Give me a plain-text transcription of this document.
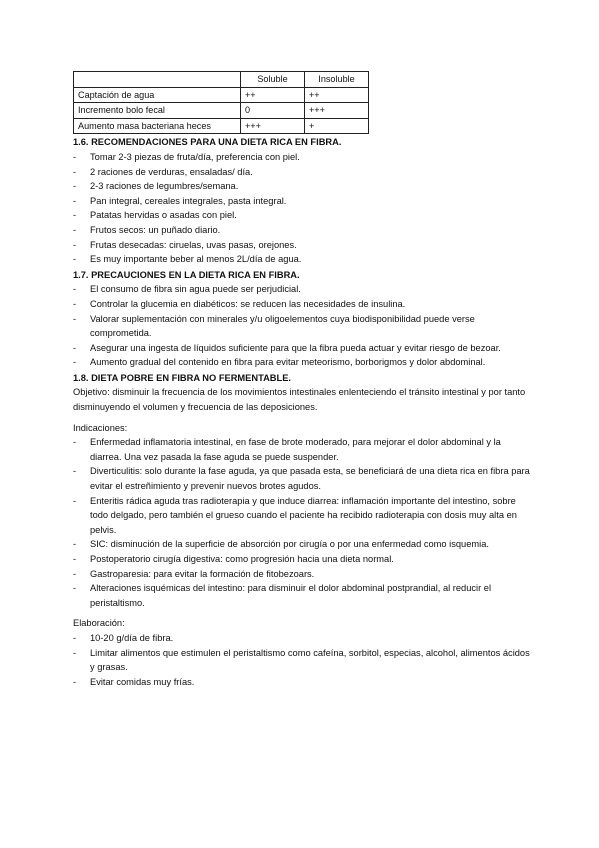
	Soluble	Insoluble
Captación de agua	++	++
Incremento bolo fecal	0	+++
Aumento masa bacteriana heces	+++	+
1.6. RECOMENDACIONES PARA UNA DIETA RICA EN FIBRA.
- Tomar 2-3 piezas de fruta/día, preferencia con piel.
- 2 raciones de verduras, ensaladas/ día.
- 2-3 raciones de legumbres/semana.
- Pan integral, cereales integrales, pasta integral.
- Patatas hervidas o asadas con piel.
- Frutos secos: un puñado diario.
- Frutas desecadas: ciruelas, uvas pasas, orejones.
- Es muy importante beber al menos 2L/día de agua.
1.7. PRECAUCIONES EN LA DIETA RICA EN FIBRA.
- El consumo de fibra sin agua puede ser perjudicial.
- Controlar la glucemia en diabéticos: se reducen las necesidades de insulina.
- Valorar suplementación con minerales y/u oligoelementos cuya biodisponibilidad puede verse comprometida.
- Asegurar una ingesta de líquidos suficiente para que la fibra pueda actuar y evitar riesgo de bezoar.
- Aumento gradual del contenido en fibra para evitar meteorismo, borborigmos y dolor abdominal.
1.8. DIETA POBRE EN FIBRA NO FERMENTABLE.

Objetivo: disminuir la frecuencia de los movimientos intestinales enlenteciendo el tránsito intestinal y por tanto disminuyendo el volumen y frecuencia de las deposiciones.

Indicaciones:

- Enfermedad inflamatoria intestinal, en fase de brote moderado, para mejorar el dolor abdominal y la diarrea. Una vez pasada la fase aguda se puede suspender.
- Diverticulitis: solo durante la fase aguda, ya que pasada esta, se beneficiará de una dieta rica en fibra para evitar el estreñimiento y prevenir nuevos brotes agudos.
- Enteritis rádica aguda tras radioterapia y que induce diarrea: inflamación importante del intestino, sobre todo delgado, pero también el grueso cuando el paciente ha recibido radioterapia con dosis muy alta en pelvis.
- SIC: disminución de la superficie de absorción por cirugía o por una enfermedad como isquemia.
- Postoperatorio cirugía digestiva: como progresión hacia una dieta normal.
- Gastroparesia: para evitar la formación de fitobezoars.
- Alteraciones isquémicas del intestino: para disminuir el dolor abdominal postprandial, al reducir el peristaltismo.

Elaboración:

- 10-20 g/día de fibra.
- Limitar alimentos que estimulen el peristaltismo como cafeína, sorbitol, especias, alcohol, alimentos ácidos y grasas.
- Evitar comidas muy frías.
